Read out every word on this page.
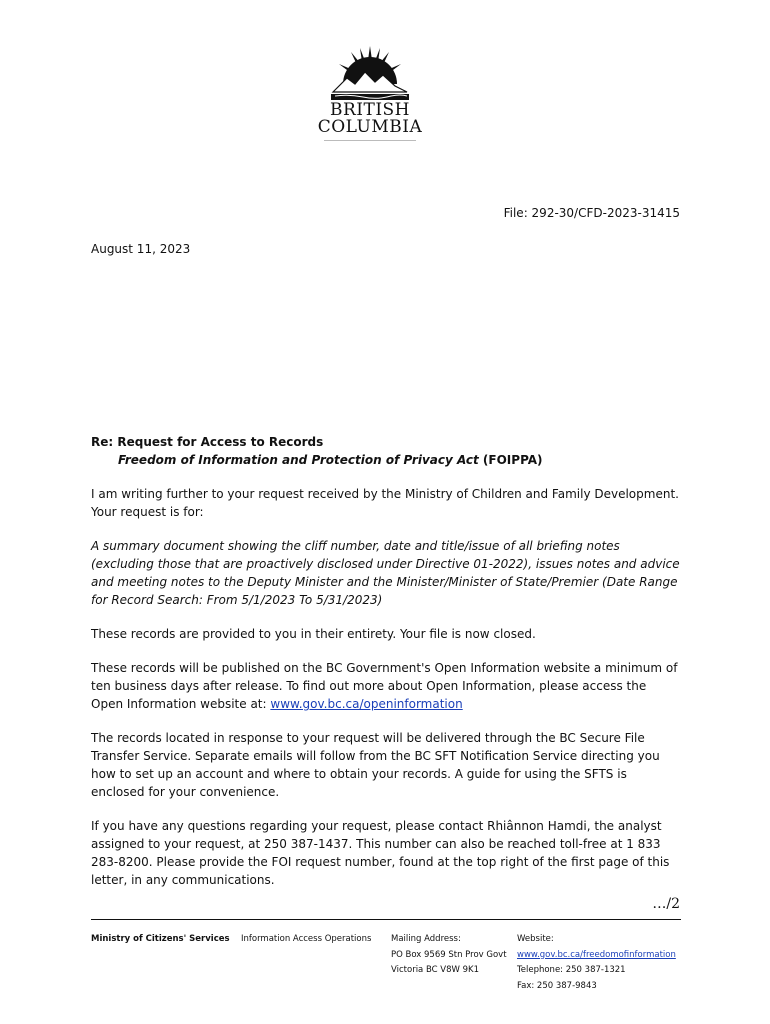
BRITISH
COLUMBIA
File: 292-30/CFD-2023-31415
August 11, 2023

Re: Request for Access to Records

Freedom of Information and Protection of Privacy Act (FOIPPA)

I am writing further to your request received by the Ministry of Children and Family Development. Your request is for:

A summary document showing the cliff number, date and title/issue of all briefing notes (excluding those that are proactively disclosed under Directive 01-2022), issues notes and advice and meeting notes to the Deputy Minister and the Minister/Minister of State/Premier (Date Range for Record Search: From 5/1/2023 To 5/31/2023)

These records are provided to you in their entirety. Your file is now closed.

These records will be published on the BC Government's Open Information website a minimum of ten business days after release. To find out more about Open Information, please access the Open Information website at: www.gov.bc.ca/openinformation

The records located in response to your request will be delivered through the BC Secure File Transfer Service. Separate emails will follow from the BC SFT Notification Service directing you how to set up an account and where to obtain your records. A guide for using the SFTS is enclosed for your convenience.

If you have any questions regarding your request, please contact Rhiânnon Hamdi, the analyst assigned to your request, at 250 387-1437. This number can also be reached toll-free at 1 833 283-8200. Please provide the FOI request number, found at the top right of the first page of this letter, in any communications.

…/2
Ministry of Citizens' Services Information Access Operations Mailing Address:
PO Box 9569 Stn Prov Govt
Victoria BC V8W 9K1
Website:
www.gov.bc.ca/freedomofinformation
Telephone: 250 387-1321
Fax: 250 387-9843
